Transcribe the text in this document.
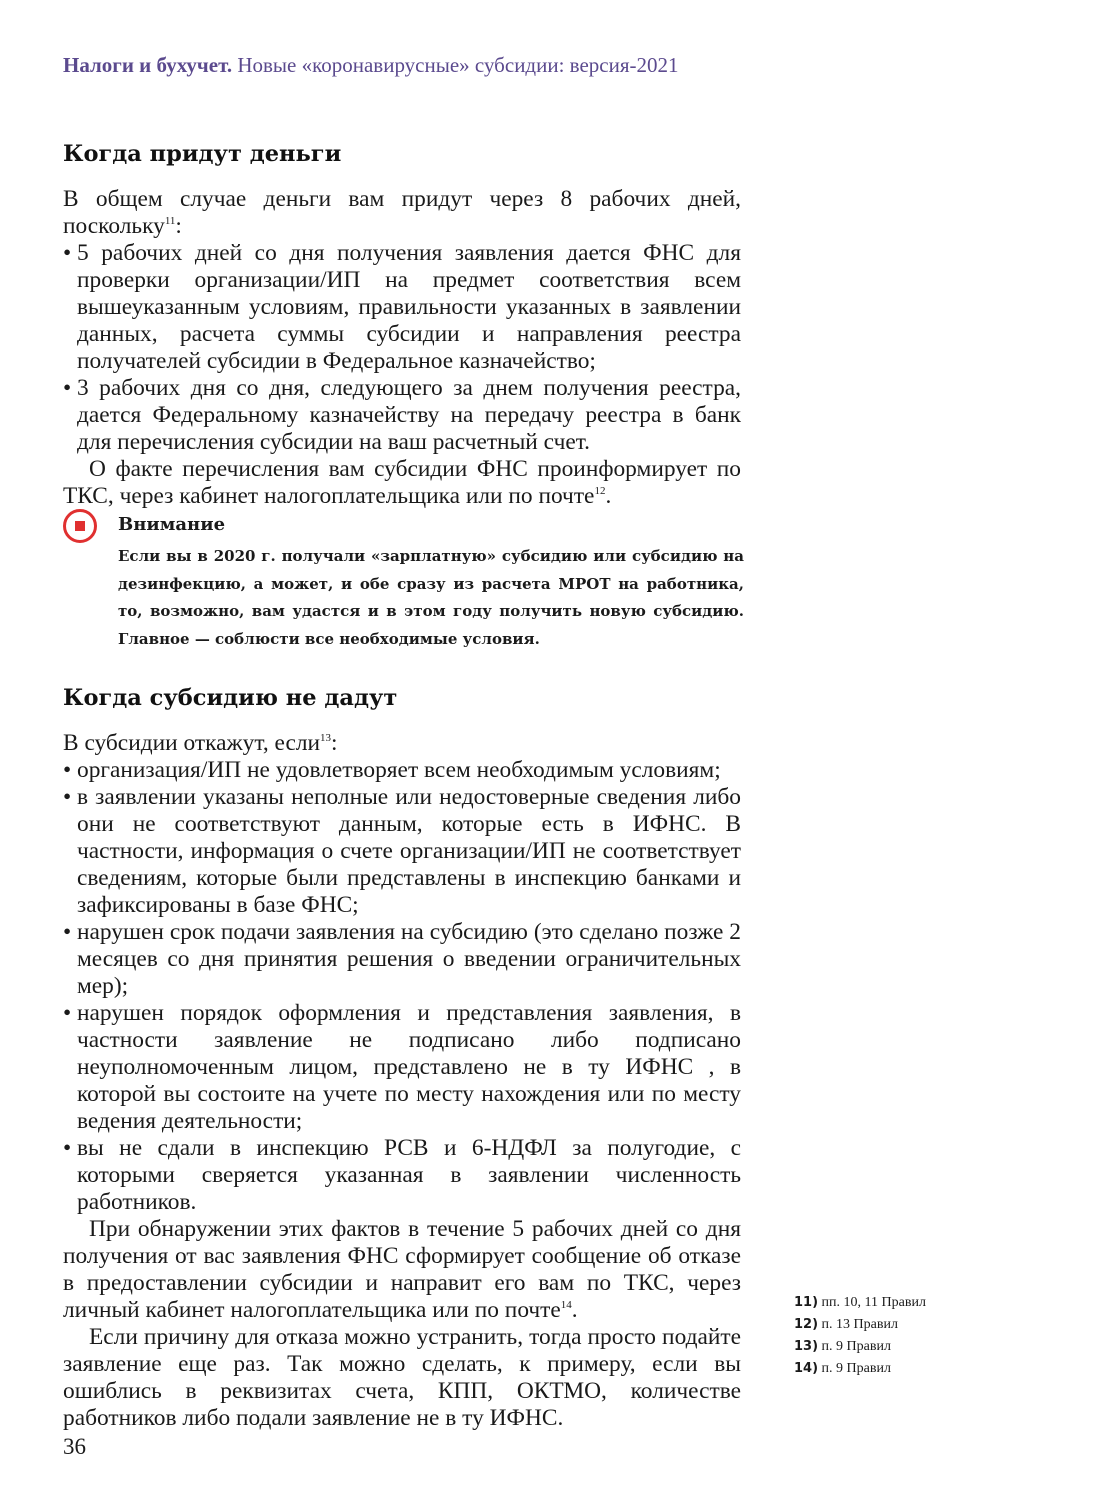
Налоги и бухучет. Новые «коронавирусные» субсидии: версия-2021
Когда придут деньги

В общем случае деньги вам придут через 8 рабочих дней, поскольку$^{11}$:

• 5 рабочих дней со дня получения заявления дается ФНС для проверки организации/ИП на предмет соответствия всем вышеуказанным условиям, правильности указанных в заявлении данных, расчета суммы субсидии и направления реестра получателей субсидии в Федеральное казначейство;
• 3 рабочих дня со дня, следующего за днем получения реестра, дается Федеральному казначейству на передачу реестра в банк для перечисления субсидии на ваш расчетный счет.

О факте перечисления вам субсидии ФНС проинформирует по ТКС, через кабинет налогоплательщика или по почте$^{12}$.

Внимание

Если вы в 2020 г. получали «зарплатную» субсидию или субсидию на дезинфекцию, а может, и обе сразу из расчета МРОТ на работника, то, возможно, вам удастся и в этом году получить новую субсидию. Главное — соблюсти все необходимые условия.

Когда субсидию не дадут

В субсидии откажут, если$^{13}$:

• организация/ИП не удовлетворяет всем необходимым условиям;
• в заявлении указаны неполные или недостоверные сведения либо они не соответствуют данным, которые есть в ИФНС. В частности, информация о счете организации/ИП не соответствует сведениям, которые были представлены в инспекцию банками и зафиксированы в базе ФНС;
• нарушен срок подачи заявления на субсидию (это сделано позже 2 месяцев со дня принятия решения о введении ограничительных мер);
• нарушен порядок оформления и представления заявления, в частности заявление не подписано либо подписано неуполномоченным лицом, представлено не в ту ИФНС , в которой вы состоите на учете по месту нахождения или по месту ведения деятельности;
• вы не сдали в инспекцию РСВ и 6-НДФЛ за полугодие, с которыми сверяется указанная в заявлении численность работников.

При обнаружении этих фактов в течение 5 рабочих дней со дня получения от вас заявления ФНС сформирует сообщение об отказе в предоставлении субсидии и направит его вам по ТКС, через личный кабинет налогоплательщика или по почте$^{14}$.

Если причину для отказа можно устранить, тогда просто подайте заявление еще раз. Так можно сделать, к примеру, если вы ошиблись в реквизитах счета, КПП, ОКТМО, количестве работников либо подали заявление не в ту ИФНС.

11) пп. 10, 11 Правил
12) п. 13 Правил
13) п. 9 Правил
14) п. 9 Правил
36
